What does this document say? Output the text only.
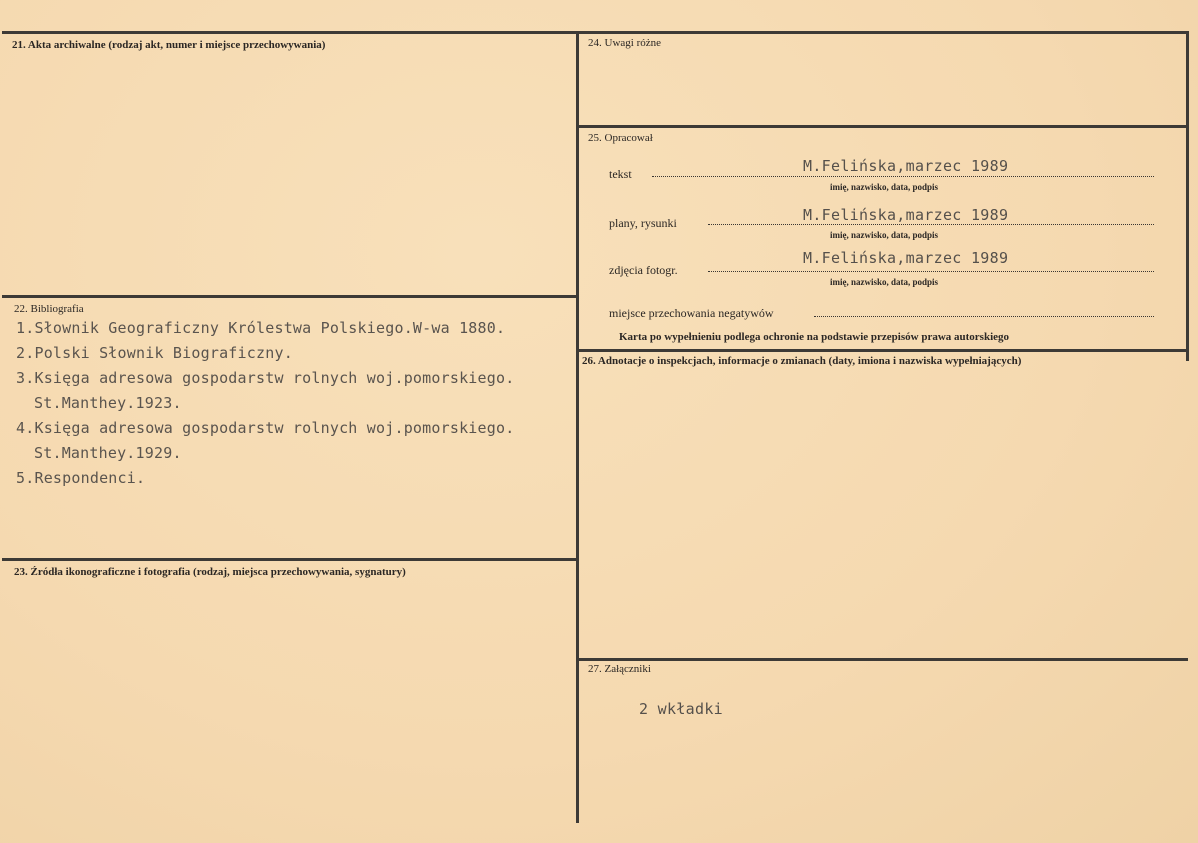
21. Akta archiwalne (rodzaj akt, numer i miejsce przechowywania)
22. Bibliografia
1.Słownik Geograficzny Królestwa Polskiego.W-wa 1880.
2.Polski Słownik Biograficzny.
3.Księga adresowa gospodarstw rolnych woj.pomorskiego.
St.Manthey.1923.
4.Księga adresowa gospodarstw rolnych woj.pomorskiego.
St.Manthey.1929.
5.Respondenci.
23. Źródła ikonograficzne i fotografia (rodzaj, miejsca przechowywania, sygnatury)
24. Uwagi różne
25. Opracował
tekst	M.Felińska,marzec 1989
imię, nazwisko, data, podpis
plany, rysunki	M.Felińska,marzec 1989
imię, nazwisko, data, podpis
zdjęcia fotogr.
M.Felińska,marzec 1989
imię, nazwisko, data, podpis
miejsce przechowania negatywów
Karta po wypełnieniu podlega ochronie na podstawie przepisów prawa autorskiego
26. Adnotacje o inspekcjach, informacje o zmianach (daty, imiona i nazwiska wypełniających)
27. Załączniki
2 wkładki
